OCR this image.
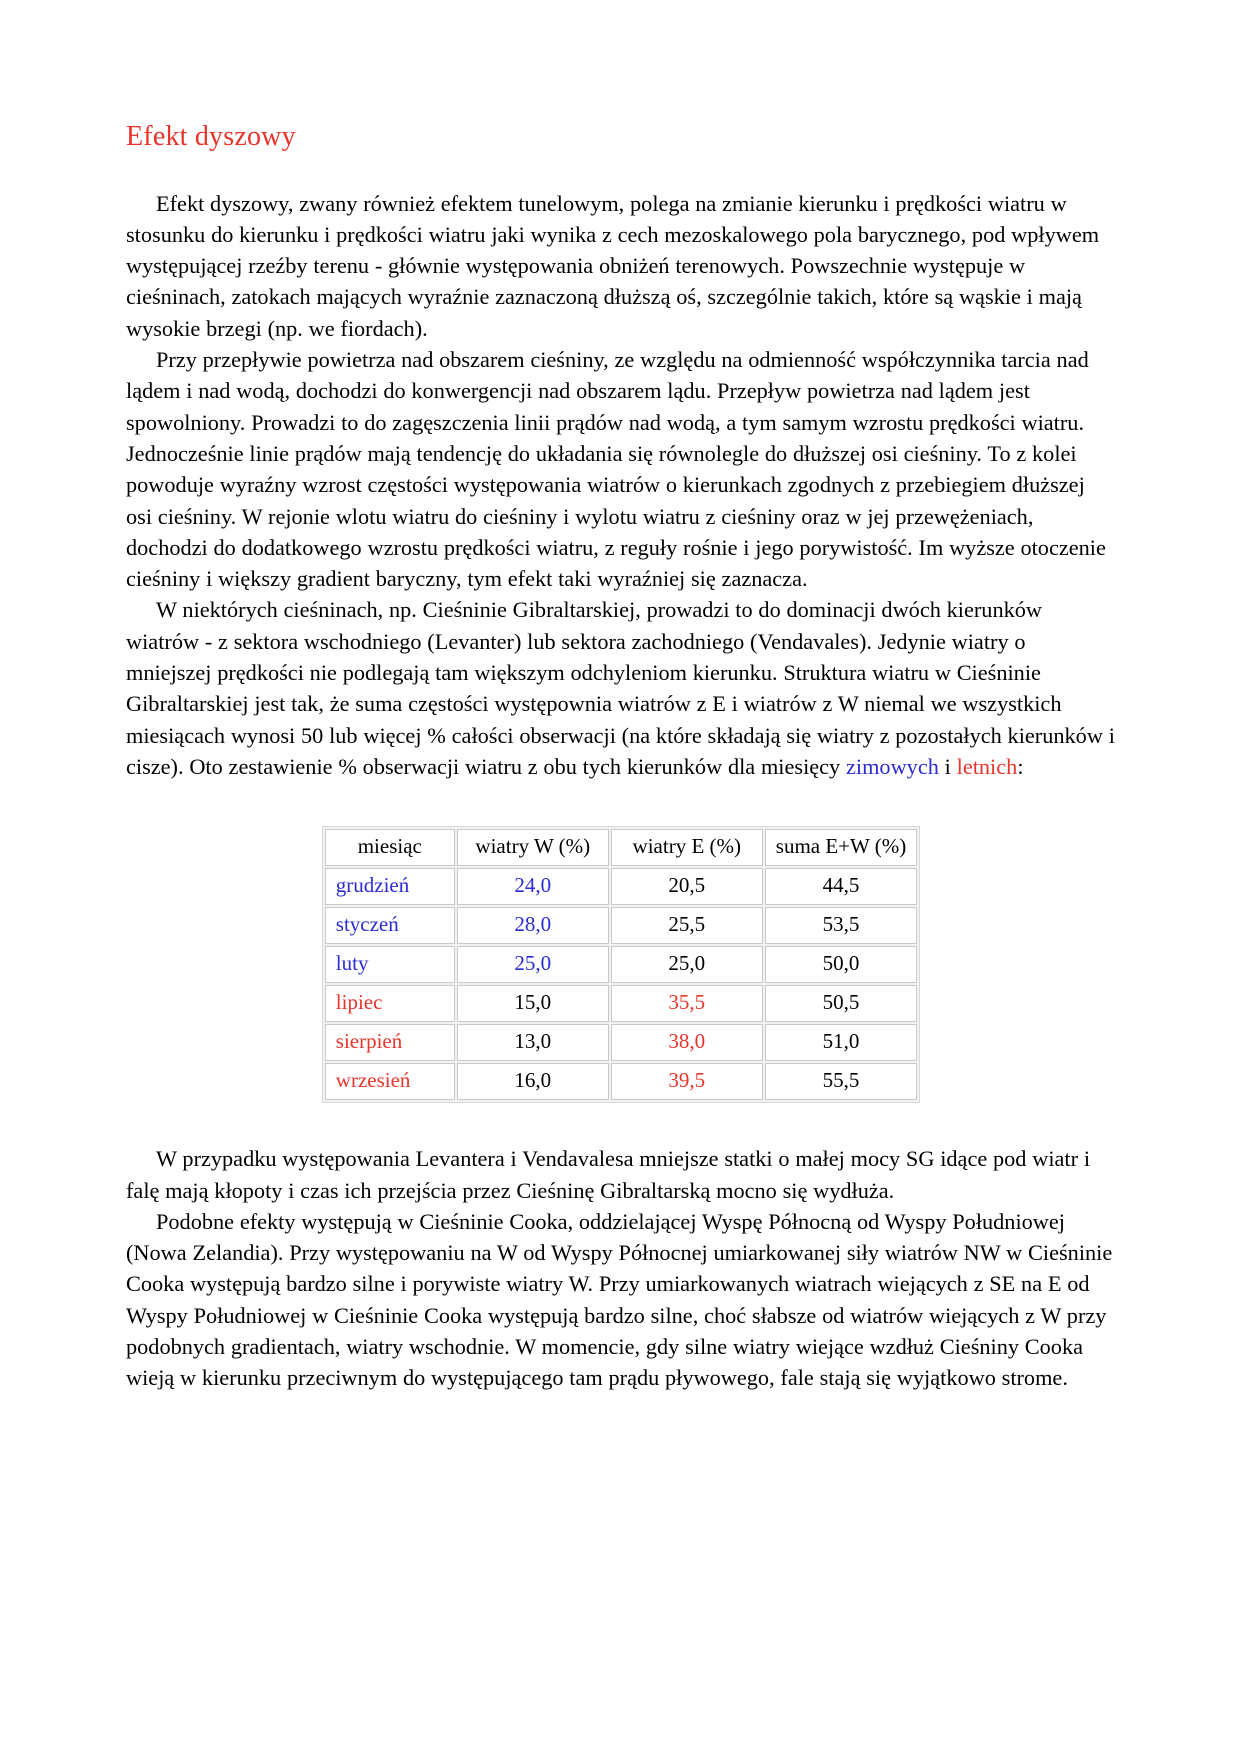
Efekt dyszowy

Efekt dyszowy, zwany również efektem tunelowym, polega na zmianie kierunku i prędkości wiatru w stosunku do kierunku i prędkości wiatru jaki wynika z cech mezoskalowego pola barycznego, pod wpływem występującej rzeźby terenu - głównie występowania obniżeń terenowych. Powszechnie występuje w cieśninach, zatokach mających wyraźnie zaznaczoną dłuższą oś, szczególnie takich, które są wąskie i mają wysokie brzegi (np. we fiordach).

Przy przepływie powietrza nad obszarem cieśniny, ze względu na odmienność współczynnika tarcia nad lądem i nad wodą, dochodzi do konwergencji nad obszarem lądu. Przepływ powietrza nad lądem jest spowolniony. Prowadzi to do zagęszczenia linii prądów nad wodą, a tym samym wzrostu prędkości wiatru. Jednocześnie linie prądów mają tendencję do układania się równolegle do dłuższej osi cieśniny. To z kolei powoduje wyraźny wzrost częstości występowania wiatrów o kierunkach zgodnych z przebiegiem dłuższej osi cieśniny. W rejonie wlotu wiatru do cieśniny i wylotu wiatru z cieśniny oraz w jej przewężeniach, dochodzi do dodatkowego wzrostu prędkości wiatru, z reguły rośnie i jego porywistość. Im wyższe otoczenie cieśniny i większy gradient baryczny, tym efekt taki wyraźniej się zaznacza.

W niektórych cieśninach, np. Cieśninie Gibraltarskiej, prowadzi to do dominacji dwóch kierunków wiatrów - z sektora wschodniego (Levanter) lub sektora zachodniego (Vendavales). Jedynie wiatry o mniejszej prędkości nie podlegają tam większym odchyleniom kierunku. Struktura wiatru w Cieśninie Gibraltarskiej jest tak, że suma częstości występownia wiatrów z E i wiatrów z W niemal we wszystkich miesiącach wynosi 50 lub więcej % całości obserwacji (na które składają się wiatry z pozostałych kierunków i cisze). Oto zestawienie % obserwacji wiatru z obu tych kierunków dla miesięcy zimowych i letnich:

miesiąc	wiatry W (%)	wiatry E (%)	suma E+W (%)
grudzień	24,0	20,5	44,5
styczeń	28,0	25,5	53,5
luty	25,0	25,0	50,0
lipiec	15,0	35,5	50,5
sierpień	13,0	38,0	51,0
wrzesień	16,0	39,5	55,5

W przypadku występowania Levantera i Vendavalesa mniejsze statki o małej mocy SG idące pod wiatr i falę mają kłopoty i czas ich przejścia przez Cieśninę Gibraltarską mocno się wydłuża.

Podobne efekty występują w Cieśninie Cooka, oddzielającej Wyspę Północną od Wyspy Południowej (Nowa Zelandia). Przy występowaniu na W od Wyspy Północnej umiarkowanej siły wiatrów NW w Cieśninie Cooka występują bardzo silne i porywiste wiatry W. Przy umiarkowanych wiatrach wiejących z SE na E od Wyspy Południowej w Cieśninie Cooka występują bardzo silne, choć słabsze od wiatrów wiejących z W przy podobnych gradientach, wiatry wschodnie. W momencie, gdy silne wiatry wiejące wzdłuż Cieśniny Cooka wieją w kierunku przeciwnym do występującego tam prądu pływowego, fale stają się wyjątkowo strome.
